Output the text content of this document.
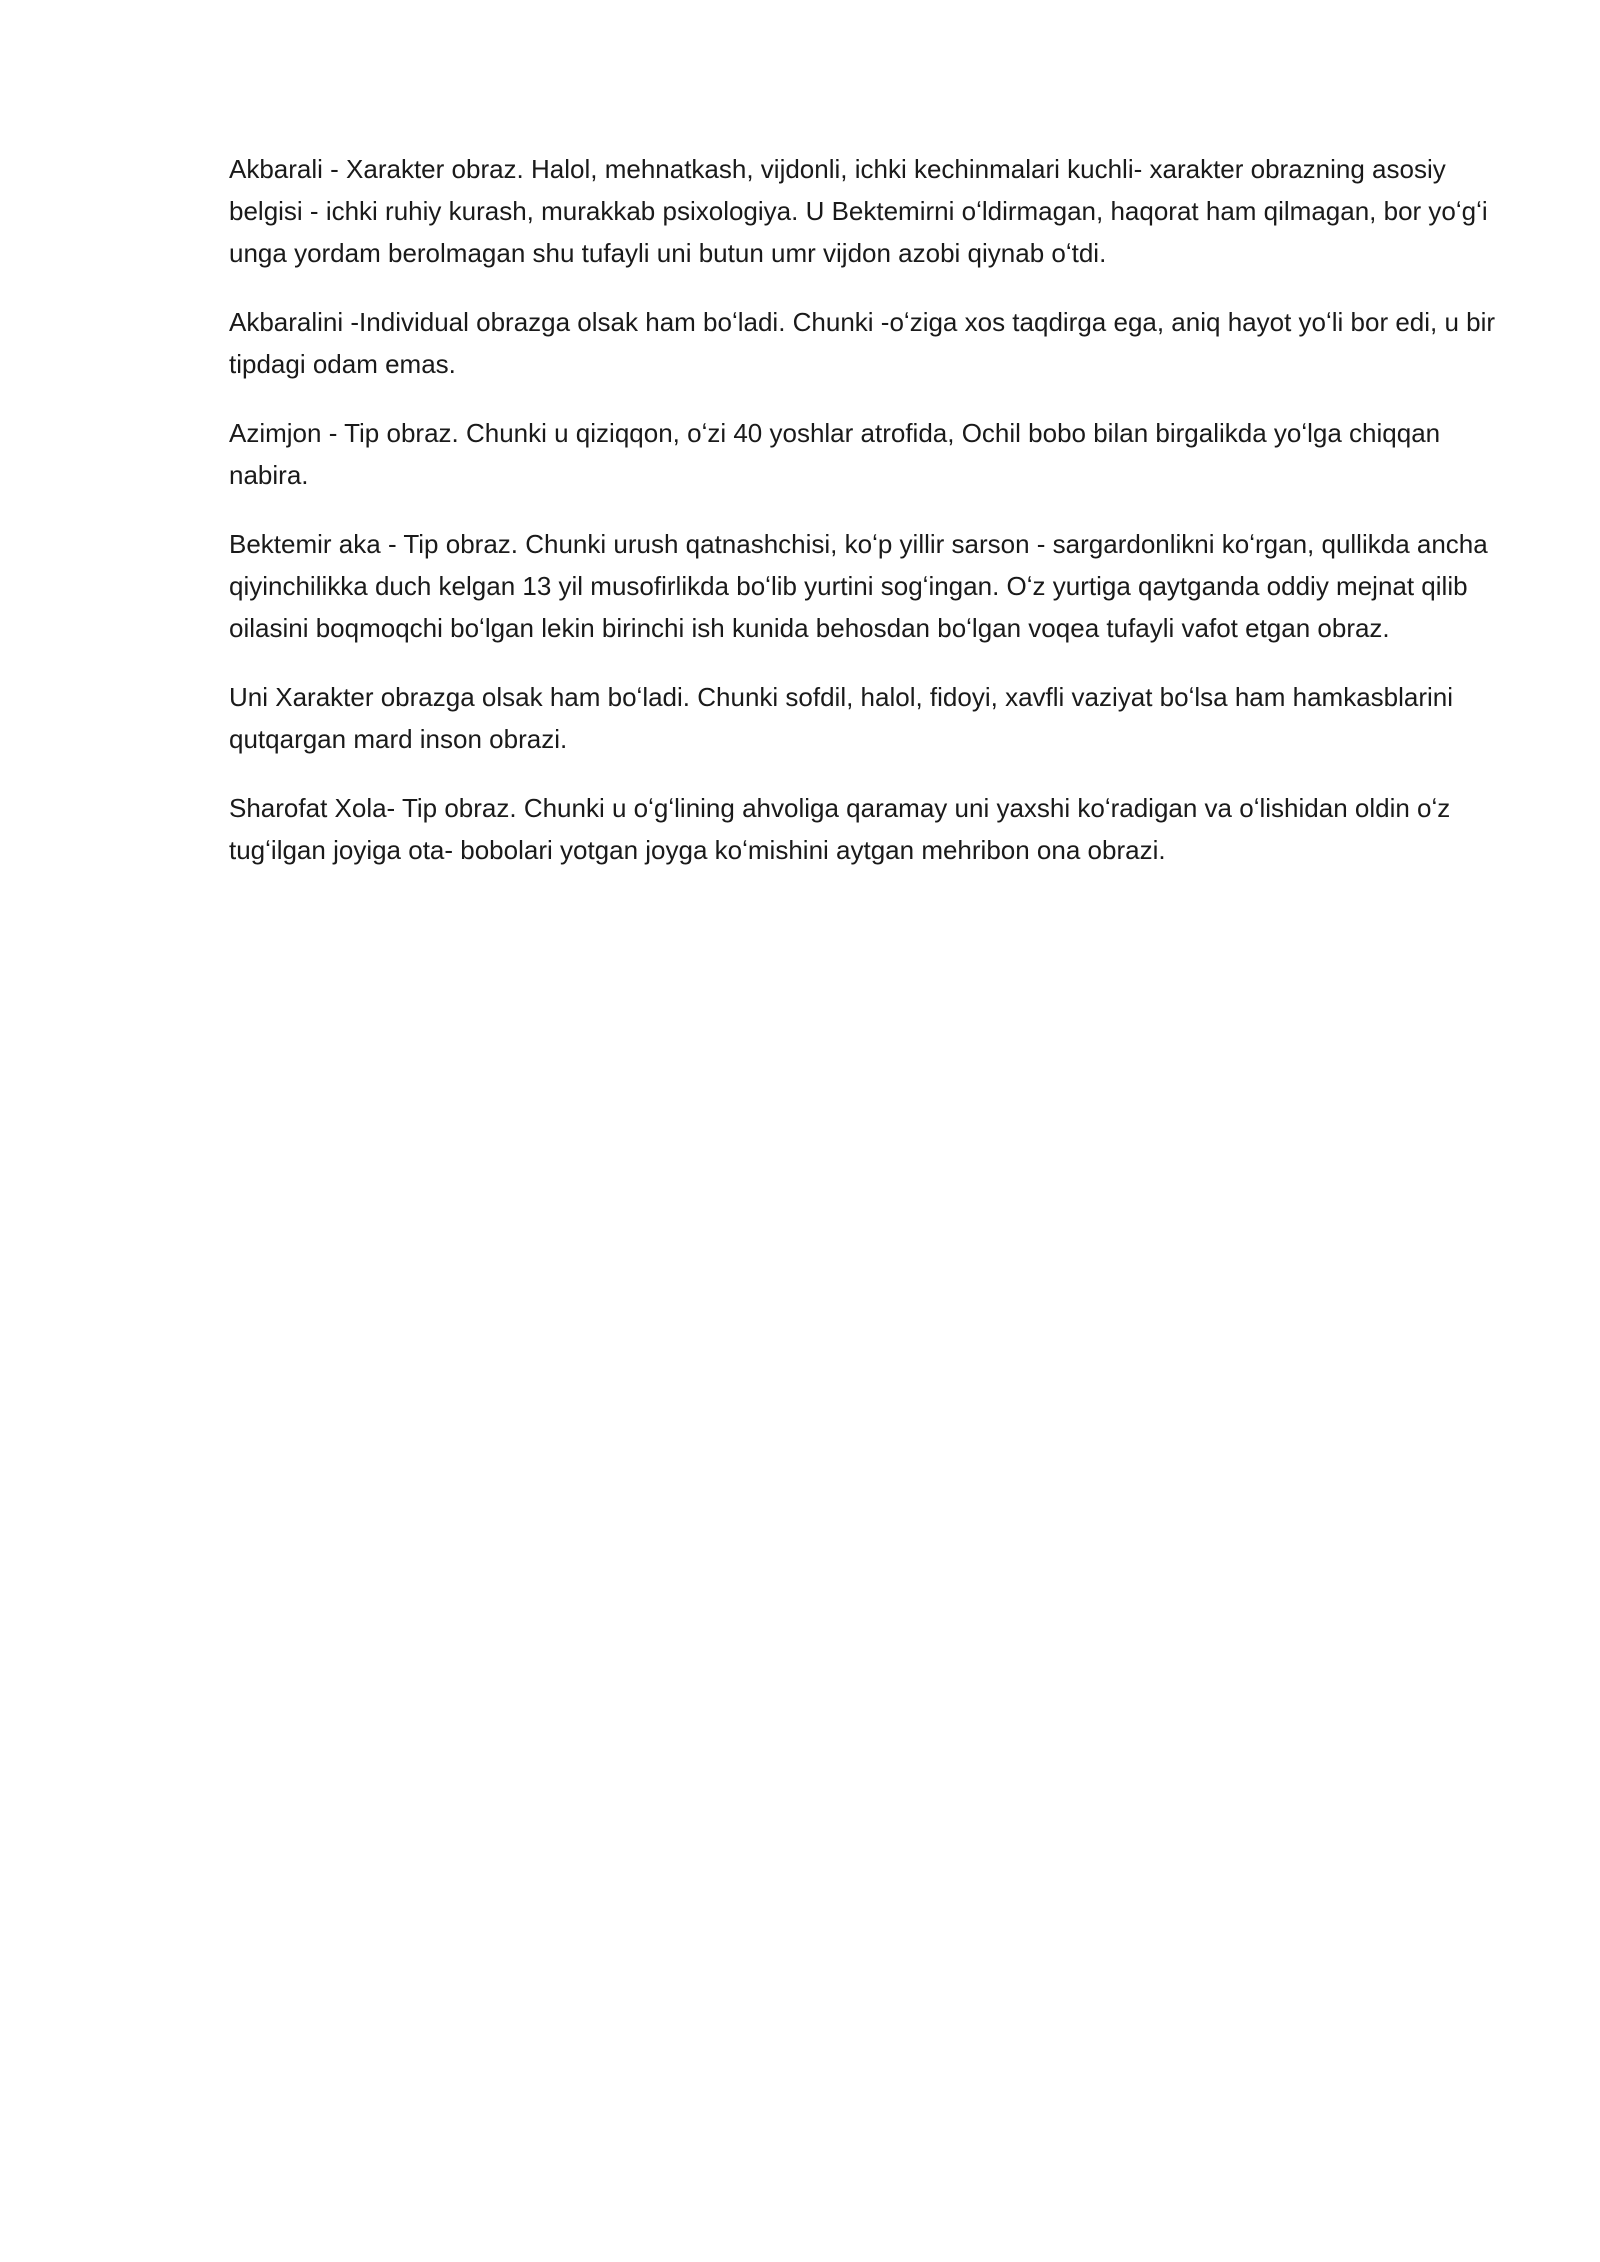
Akbarali - Xarakter obraz. Halol, mehnatkash, vijdonli, ichki kechinmalari kuchli- xarakter obrazning asosiy belgisi - ichki ruhiy kurash, murakkab psixologiya. U Bektemirni oʻldirmagan, haqorat ham qilmagan, bor yoʻgʻi unga yordam berolmagan shu tufayli uni butun umr vijdon azobi qiynab oʻtdi.

Akbaralini -Individual obrazga olsak ham boʻladi. Chunki -oʻziga xos taqdirga ega, aniq hayot yoʻli bor edi, u bir tipdagi odam emas.

Azimjon - Tip obraz. Chunki u qiziqqon, oʻzi 40 yoshlar atrofida, Ochil bobo bilan birgalikda yoʻlga chiqqan nabira.

Bektemir aka - Tip obraz. Chunki urush qatnashchisi, koʻp yillir sarson - sargardonlikni koʻrgan, qullikda ancha qiyinchilikka duch kelgan 13 yil musofirlikda boʻlib yurtini sogʻingan. Oʻz yurtiga qaytganda oddiy mejnat qilib oilasini boqmoqchi boʻlgan lekin birinchi ish kunida behosdan boʻlgan voqea tufayli vafot etgan obraz.

Uni Xarakter obrazga olsak ham boʻladi. Chunki sofdil, halol, fidoyi, xavfli vaziyat boʻlsa ham hamkasblarini qutqargan mard inson obrazi.

Sharofat Xola- Tip obraz. Chunki u oʻgʻlining ahvoliga qaramay uni yaxshi koʻradigan va oʻlishidan oldin oʻz tugʻilgan joyiga ota- bobolari yotgan joyga koʻmishini aytgan mehribon ona obrazi.
